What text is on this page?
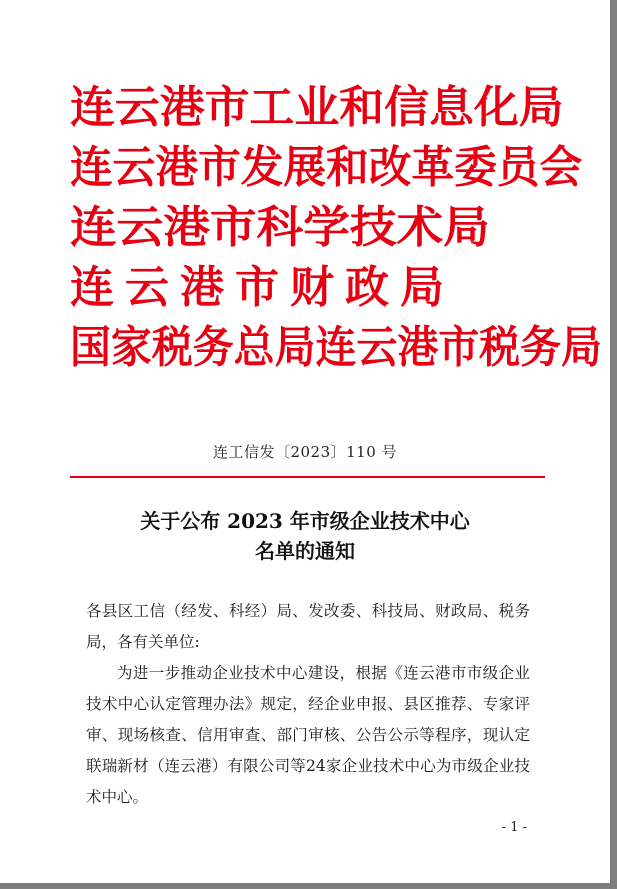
连云港市工业和信息化局
连云港市发展和改革委员会
连云港市科学技术局
连云港市财政局
国家税务总局连云港市税务局
连工信发〔2023〕110 号
关于公布 2023 年市级企业技术中心
名单的通知

各县区工信（经发、科经）局、发改委、科技局、财政局、税务局，各有关单位:

为进一步推动企业技术中心建设，根据《连云港市市级企业技术中心认定管理办法》规定，经企业申报、县区推荐、专家评审、现场核查、信用审查、部门审核、公告公示等程序，现认定联瑞新材（连云港）有限公司等24家企业技术中心为市级企业技术中心。

- 1 -
